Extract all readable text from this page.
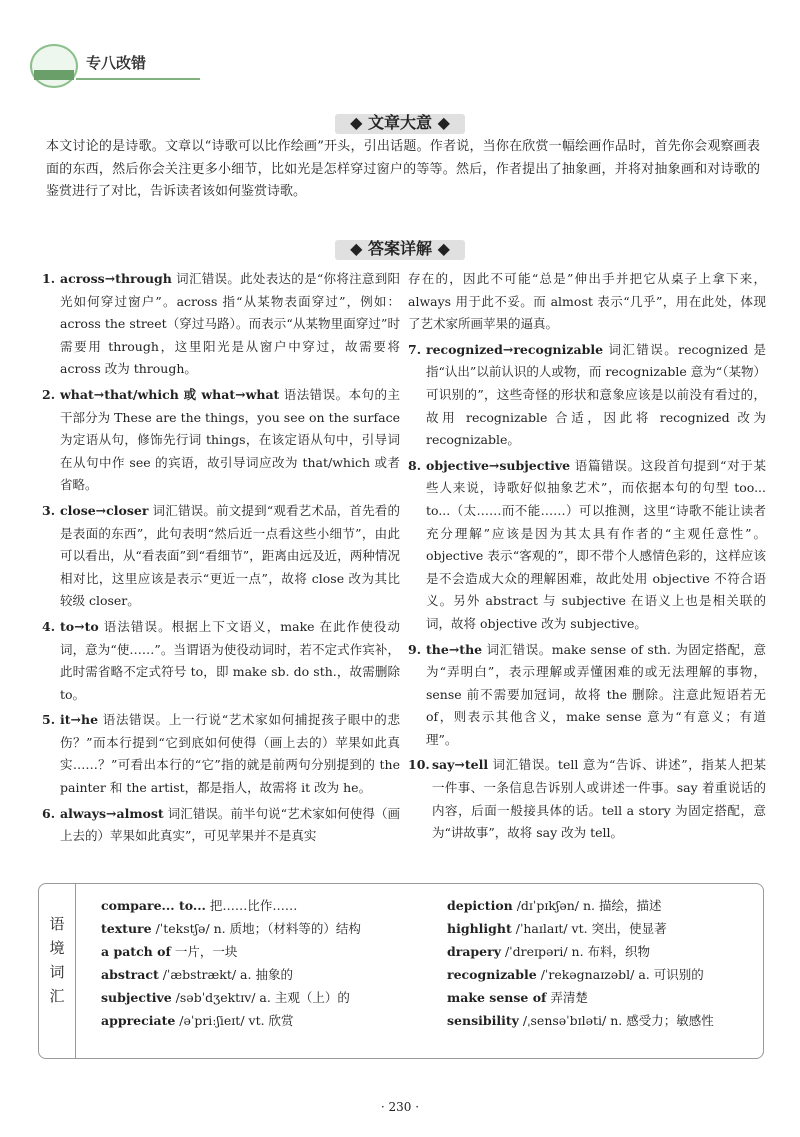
专八改错
◆ 文章大意 ◆
本文讨论的是诗歌。文章以“诗歌可以比作绘画”开头，引出话题。作者说，当你在欣赏一幅绘画作品时，首先你会观察画表面的东西，然后你会关注更多小细节，比如光是怎样穿过窗户的等等。然后，作者提出了抽象画，并将对抽象画和对诗歌的鉴赏进行了对比，告诉读者该如何鉴赏诗歌。
◆ 答案详解 ◆
1. across→through 词汇错误。此处表达的是“你将注意到阳光如何穿过窗户”。across 指“从某物表面穿过”，例如：across the street（穿过马路）。而表示“从某物里面穿过”时需要用 through，这里阳光是从窗户中穿过，故需要将 across 改为 through。
2. what→that/which 或 what→what 语法错误。本句的主干部分为 These are the things，you see on the surface 为定语从句，修饰先行词 things，在该定语从句中，引导词在从句中作 see 的宾语，故引导词应改为 that/which 或者省略。
3. close→closer 词汇错误。前文提到“观看艺术品，首先看的是表面的东西”，此句表明“然后近一点看这些小细节”，由此可以看出，从“看表面”到“看细节”，距离由远及近，两种情况相对比，这里应该是表示“更近一点”，故将 close 改为其比较级 closer。
4. to→to 语法错误。根据上下文语义，make 在此作使役动词，意为“使……”。当谓语为使役动词时，若不定式作宾补，此时需省略不定式符号 to，即 make sb. do sth.，故需删除 to。
5. it→he 语法错误。上一行说“艺术家如何捕捉孩子眼中的悲伤？”而本行提到“它到底如何使得（画上去的）苹果如此真实……？”可看出本行的“它”指的就是前两句分别提到的 the painter 和 the artist，都是指人，故需将 it 改为 he。
6. always→almost 词汇错误。前半句说“艺术家如何使得（画上去的）苹果如此真实”，可见苹果并不是真实
存在的，因此不可能“总是”伸出手并把它从桌子上拿下来，always 用于此不妥。而 almost 表示“几乎”，用在此处，体现了艺术家所画苹果的逼真。
7. recognized→recognizable 词汇错误。recognized 是指“认出”以前认识的人或物，而 recognizable 意为“（某物）可识别的”，这些奇怪的形状和意象应该是以前没有看过的，故用 recognizable 合适，因此将 recognized 改为 recognizable。
8. objective→subjective 语篇错误。这段首句提到“对于某些人来说，诗歌好似抽象艺术”，而依据本句的句型 too... to...（太……而不能……）可以推测，这里“诗歌不能让读者充分理解”应该是因为其太具有作者的“主观任意性”。objective 表示“客观的”，即不带个人感情色彩的，这样应该是不会造成大众的理解困难，故此处用 objective 不符合语义。另外 abstract 与 subjective 在语义上也是相关联的词，故将 objective 改为 subjective。
9. the→the 词汇错误。make sense of sth. 为固定搭配，意为“弄明白”，表示理解或弄懂困难的或无法理解的事物，sense 前不需要加冠词，故将 the 删除。注意此短语若无 of，则表示其他含义，make sense 意为“有意义；有道理”。
10. say→tell 词汇错误。tell 意为“告诉、讲述”，指某人把某一件事、一条信息告诉别人或讲述一件事。say 着重说话的内容，后面一般接具体的话。tell a story 为固定搭配，意为“讲故事”，故将 say 改为 tell。
语境词汇
compare... to... 把……比作……
texture /ˈtekstʃə/ n. 质地；（材料等的）结构
a patch of 一片，一块
abstract /ˈæbstrækt/ a. 抽象的
subjective /səbˈdʒektɪv/ a. 主观（上）的
appreciate /əˈpriːʃieɪt/ vt. 欣赏
depiction /dɪˈpɪkʃən/ n. 描绘，描述
highlight /ˈhaɪlaɪt/ vt. 突出，使显著
drapery /ˈdreɪpəri/ n. 布料，织物
recognizable /ˈrekəgnaɪzəbl/ a. 可识别的
make sense of 弄清楚
sensibility /ˌsensəˈbɪləti/ n. 感受力；敏感性
· 230 ·
